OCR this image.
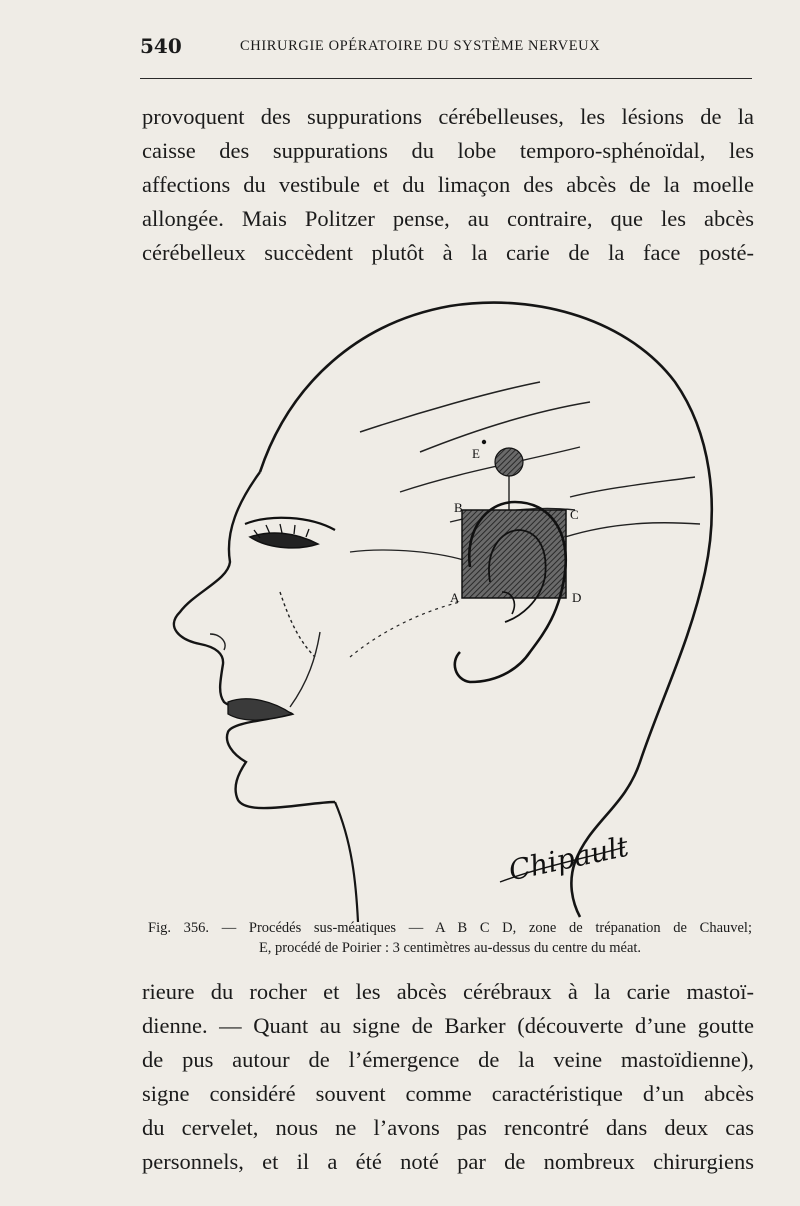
540	CHIRURGIE OPÉRATOIRE DU SYSTÈME NERVEUX
provoquent des suppurations cérébelleuses, les lésions de la
caisse des suppurations du lobe temporo-sphénoïdal, les
affections du vestibule et du limaçon des abcès de la moelle
allongée. Mais Politzer pense, au contraire, que les abcès
cérébelleux succèdent plutôt à la carie de la face posté-
E
B	C
A	D
Chipault
Fig. 356. — Procédés sus-méatiques — A B C D, zone de trépanation de Chauvel;
E, procédé de Poirier : 3 centimètres au-dessus du centre du méat.
rieure du rocher et les abcès cérébraux à la carie mastoï-
dienne. — Quant au signe de Barker (découverte d’une goutte
de pus autour de l’émergence de la veine mastoïdienne),
signe considéré souvent comme caractéristique d’un abcès
du cervelet, nous ne l’avons pas rencontré dans deux cas
personnels, et il a été noté par de nombreux chirurgiens
